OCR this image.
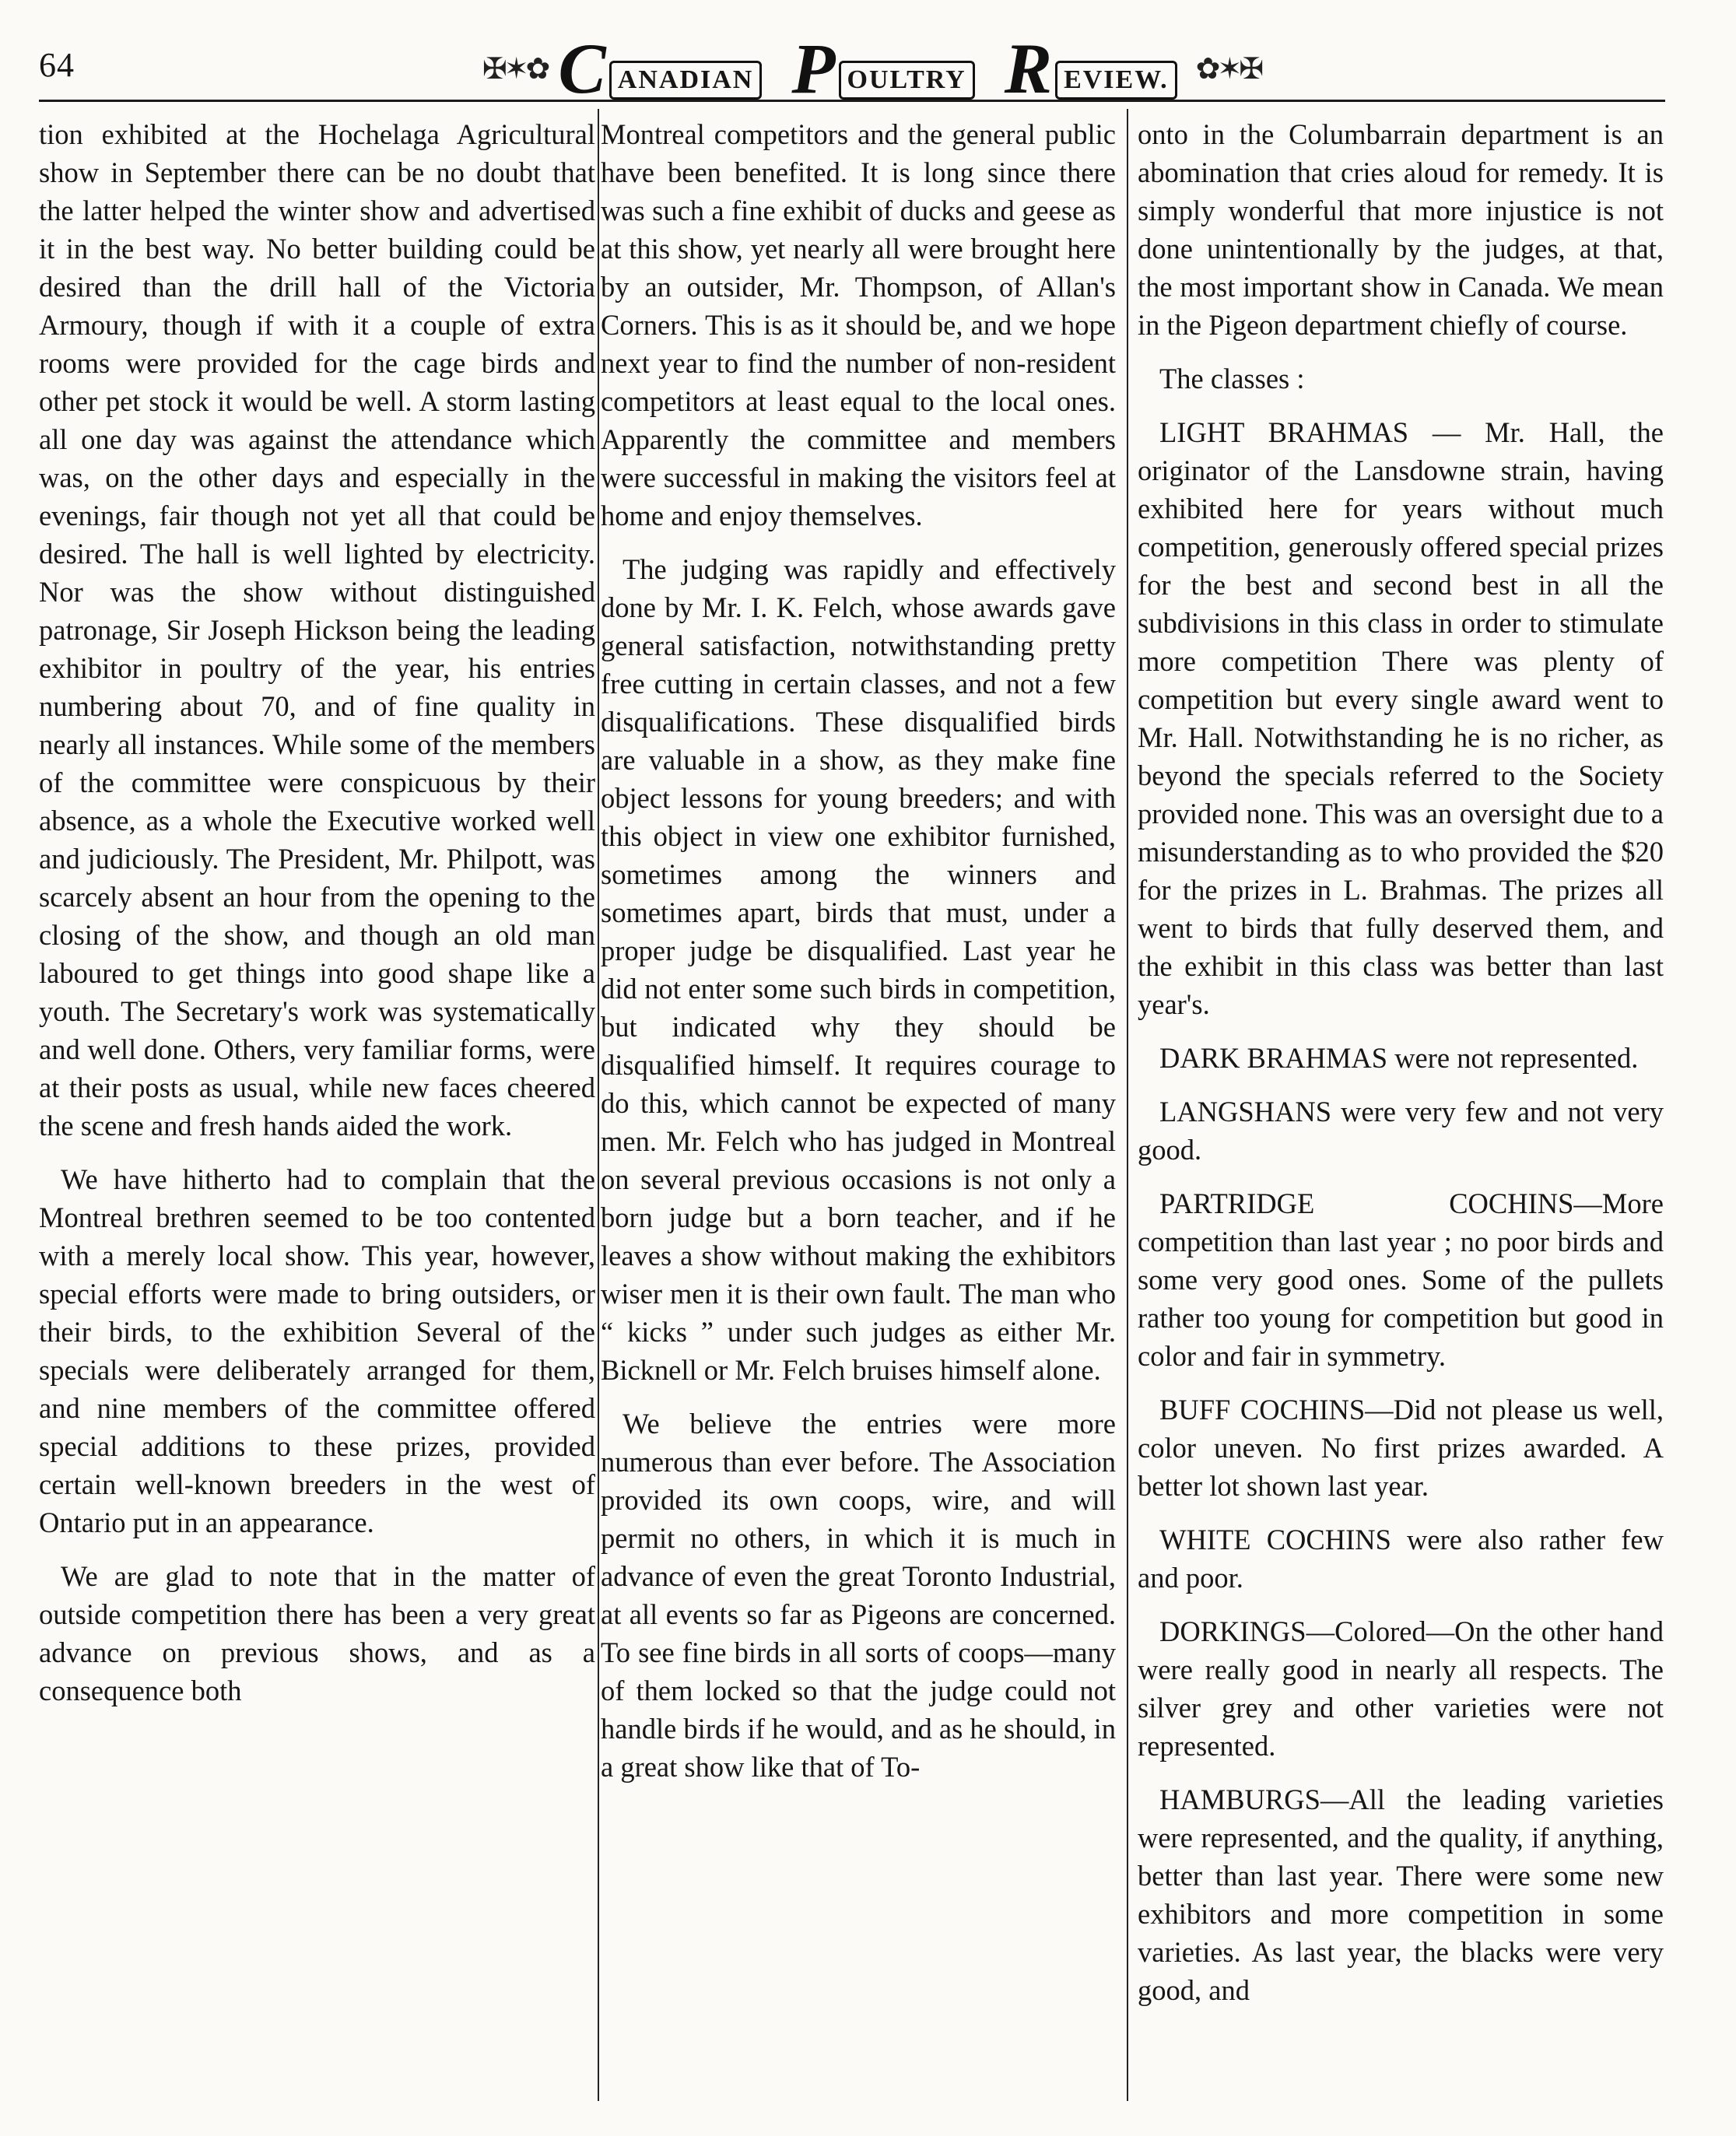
64	✠✶✿ C ANADIAN P OULTRY R EVIEW. ✿✶✠

tion exhibited at the Hochelaga Agricultural show in September there can be no doubt that the latter helped the winter show and advertised it in the best way. No better building could be desired than the drill hall of the Victoria Armoury, though if with it a couple of extra rooms were provided for the cage birds and other pet stock it would be well. A storm lasting all one day was against the attendance which was, on the other days and especially in the evenings, fair though not yet all that could be desired. The hall is well lighted by electricity. Nor was the show without distinguished patronage, Sir Joseph Hickson being the leading exhibitor in poultry of the year, his entries numbering about 70, and of fine quality in nearly all instances. While some of the members of the committee were conspicuous by their absence, as a whole the Executive worked well and judiciously. The President, Mr. Philpott, was scarcely absent an hour from the opening to the closing of the show, and though an old man laboured to get things into good shape like a youth. The Secretary's work was systematically and well done. Others, very familiar forms, were at their posts as usual, while new faces cheered the scene and fresh hands aided the work.

We have hitherto had to complain that the Montreal brethren seemed to be too contented with a merely local show. This year, however, special efforts were made to bring outsiders, or their birds, to the exhibition Several of the specials were deliberately arranged for them, and nine members of the committee offered special additions to these prizes, provided certain well-known breeders in the west of Ontario put in an appearance.

We are glad to note that in the matter of outside competition there has been a very great advance on previous shows, and as a consequence both

Montreal competitors and the general public have been benefited. It is long since there was such a fine exhibit of ducks and geese as at this show, yet nearly all were brought here by an outsider, Mr. Thompson, of Allan's Corners. This is as it should be, and we hope next year to find the number of non-resident competitors at least equal to the local ones. Apparently the committee and members were successful in making the visitors feel at home and enjoy themselves.

The judging was rapidly and effectively done by Mr. I. K. Felch, whose awards gave general satisfaction, notwithstanding pretty free cutting in certain classes, and not a few disqualifications. These disqualified birds are valuable in a show, as they make fine object lessons for young breeders; and with this object in view one exhibitor furnished, sometimes among the winners and sometimes apart, birds that must, under a proper judge be disqualified. Last year he did not enter some such birds in competition, but indicated why they should be disqualified himself. It requires courage to do this, which cannot be expected of many men. Mr. Felch who has judged in Montreal on several previous occasions is not only a born judge but a born teacher, and if he leaves a show without making the exhibitors wiser men it is their own fault. The man who “ kicks ” under such judges as either Mr. Bicknell or Mr. Felch bruises himself alone.

We believe the entries were more numerous than ever before. The Association provided its own coops, wire, and will permit no others, in which it is much in advance of even the great Toronto Industrial, at all events so far as Pigeons are concerned. To see fine birds in all sorts of coops—many of them locked so that the judge could not handle birds if he would, and as he should, in a great show like that of To-

onto in the Columbarrain department is an abomination that cries aloud for remedy. It is simply wonderful that more injustice is not done unintentionally by the judges, at that, the most important show in Canada. We mean in the Pigeon department chiefly of course.

The classes :

LIGHT BRAHMAS — Mr. Hall, the originator of the Lansdowne strain, having exhibited here for years without much competition, generously offered special prizes for the best and second best in all the subdivisions in this class in order to stimulate more competition There was plenty of competition but every single award went to Mr. Hall. Notwithstanding he is no richer, as beyond the specials referred to the Society provided none. This was an oversight due to a misunderstanding as to who provided the $20 for the prizes in L. Brahmas. The prizes all went to birds that fully deserved them, and the exhibit in this class was better than last year's.

DARK BRAHMAS were not represented.

LANGSHANS were very few and not very good.

PARTRIDGE COCHINS—More competition than last year ; no poor birds and some very good ones. Some of the pullets rather too young for competition but good in color and fair in symmetry.

BUFF COCHINS—Did not please us well, color uneven. No first prizes awarded. A better lot shown last year.

WHITE COCHINS were also rather few and poor.

DORKINGS—Colored—On the other hand were really good in nearly all respects. The silver grey and other varieties were not represented.

HAMBURGS—All the leading varieties were represented, and the quality, if anything, better than last year. There were some new exhibitors and more competition in some varieties. As last year, the blacks were very good, and
